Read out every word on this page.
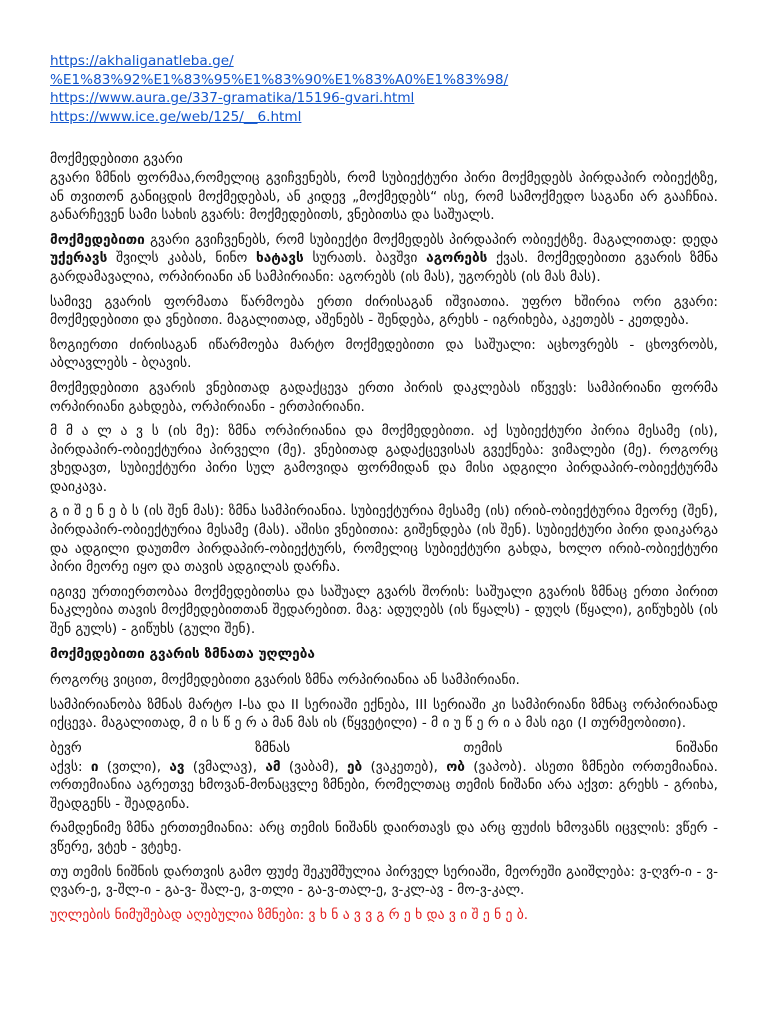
https://akhaliganatleba.ge/
%E1%83%92%E1%83%95%E1%83%90%E1%83%A0%E1%83%98/
https://www.aura.ge/337-gramatika/15196-gvari.html
https://www.ice.ge/web/125/__6.html
მოქმედებითი გვარი

გვარი ზმნის ფორმაა,რომელიც გვიჩვენებს, რომ სუბიექტური პირი მოქმედებს პირდაპირ ობიექტზე, ან თვითონ განიცდის მოქმედებას, ან კიდევ „მოქმედებს“ ისე, რომ სამოქმედო საგანი არ გააჩნია. განარჩევენ სამი სახის გვარს: მოქმედებითს, ვნებითსა და საშუალს.

მოქმედებითი გვარი გვიჩვენებს, რომ სუბიექტი მოქმედებს პირდაპირ ობიექტზე. მაგალითად: დედა უქერავს შვილს კაბას, ნინო ხატავს სურათს. ბავშვი აგორებს ქვას. მოქმედებითი გვარის ზმნა გარდამავალია, ორპირიანი ან სამპირიანი: აგორებს (ის მას), უგორებს (ის მას მას).

სამივე გვარის ფორმათა წარმოება ერთი ძირისაგან იშვიათია. უფრო ხშირია ორი გვარი: მოქმედებითი და ვნებითი. მაგალითად, აშენებს - შენდება, გრეხს - იგრიხება, აკეთებს - კეთდება.

ზოგიერთი ძირისაგან იწარმოება მარტო მოქმედებითი და საშუალი: აცხოვრებს - ცხოვრობს, აბლავლებს - ბღავის.

მოქმედებითი გვარის ვნებითად გადაქცევა ერთი პირის დაკლებას იწვევს: სამპირიანი ფორმა ორპირიანი გახდება, ორპირიანი - ერთპირიანი.

მ მ ა ლ ა ვ ს (ის მე): ზმნა ორპირიანია და მოქმედებითი. აქ სუბიექტური პირია მესამე (ის), პირდაპირ-ობიექტურია პირველი (მე). ვნებითად გადაქცევისას გვექნება: ვიმალები (მე). როგორც ვხედავთ, სუბიექტური პირი სულ გამოვიდა ფორმიდან და მისი ადგილი პირდაპირ-ობიექტურმა დაიკავა.

გ ი შ ე ნ ე ბ ს (ის შენ მას): ზმნა სამპირიანია. სუბიექტურია მესამე (ის) ირიბ-ობიექტურია მეორე (შენ), პირდაპირ-ობიექტურია მესამე (მას). აშისი ვნებითია: გიშენდება (ის შენ). სუბიექტური პირი დაიკარგა და ადგილი დაუთმო პირდაპირ-ობიექტურს, რომელიც სუბიექტური გახდა, ხოლო ირიბ-ობიექტური პირი მეორე იყო და თავის ადგილას დარჩა.

იგივე ურთიერთობაა მოქმედებითსა და საშუალ გვარს შორის: საშუალი გვარის ზმნაც ერთი პირით ნაკლებია თავის მოქმედებითთან შედარებით. მაგ: ადუღებს (ის წყალს) - დუღს (წყალი), გიწუხებს (ის შენ გულს) - გიწუხს (გული შენ).

მოქმედებითი გვარის ზმნათა უღლება

როგორც ვიცით, მოქმედებითი გვარის ზმნა ორპირიანია ან სამპირიანი.

სამპირიანობა ზმნას მარტო I-სა და II სერიაში ექნება, III სერიაში კი სამპირიანი ზმნაც ორპირიანად იქცევა. მაგალითად, მ ი ს წ ე რ ა მან მას ის (წყვეტილი) - მ ი უ წ ე რ ი ა მას იგი (I თურმეობითი).

ბევრ ზმნას თემის ნიშანი
აქვს: ი (ვთლი), ავ (ვმალავ), ამ (ვაბამ), ებ (ვაკეთებ), ობ (ვაპობ). ასეთი ზმნები ორთემიანია. ორთემიანია აგრეთვე ხმოვან-მონაცვლე ზმნები, რომელთაც თემის ნიშანი არა აქვთ: გრეხს - გრიხა, შეადგენს - შეადგინა.

რამდენიმე ზმნა ერთთემიანია: არც თემის ნიშანს დაირთავს და არც ფუძის ხმოვანს იცვლის: ვწერ - ვწერე, ვტეხ - ვტეხე.

თუ თემის ნიშნის დართვის გამო ფუძე შეკუმშულია პირველ სერიაში, მეორეში გაიშლება: ვ-ღვრ-ი - ვ-ღვარ-ე, ვ-შლ-ი - გა-ვ- შალ-ე, ვ-თლი - გა-ვ-თალ-ე, ვ-კლ-ავ - მო-ვ-კალ.

უღლების ნიმუშებად აღებულია ზმნები: ვ ხ ნ ა ვ ვ გ რ ე ხ და ვ ი შ ე ნ ე ბ.
